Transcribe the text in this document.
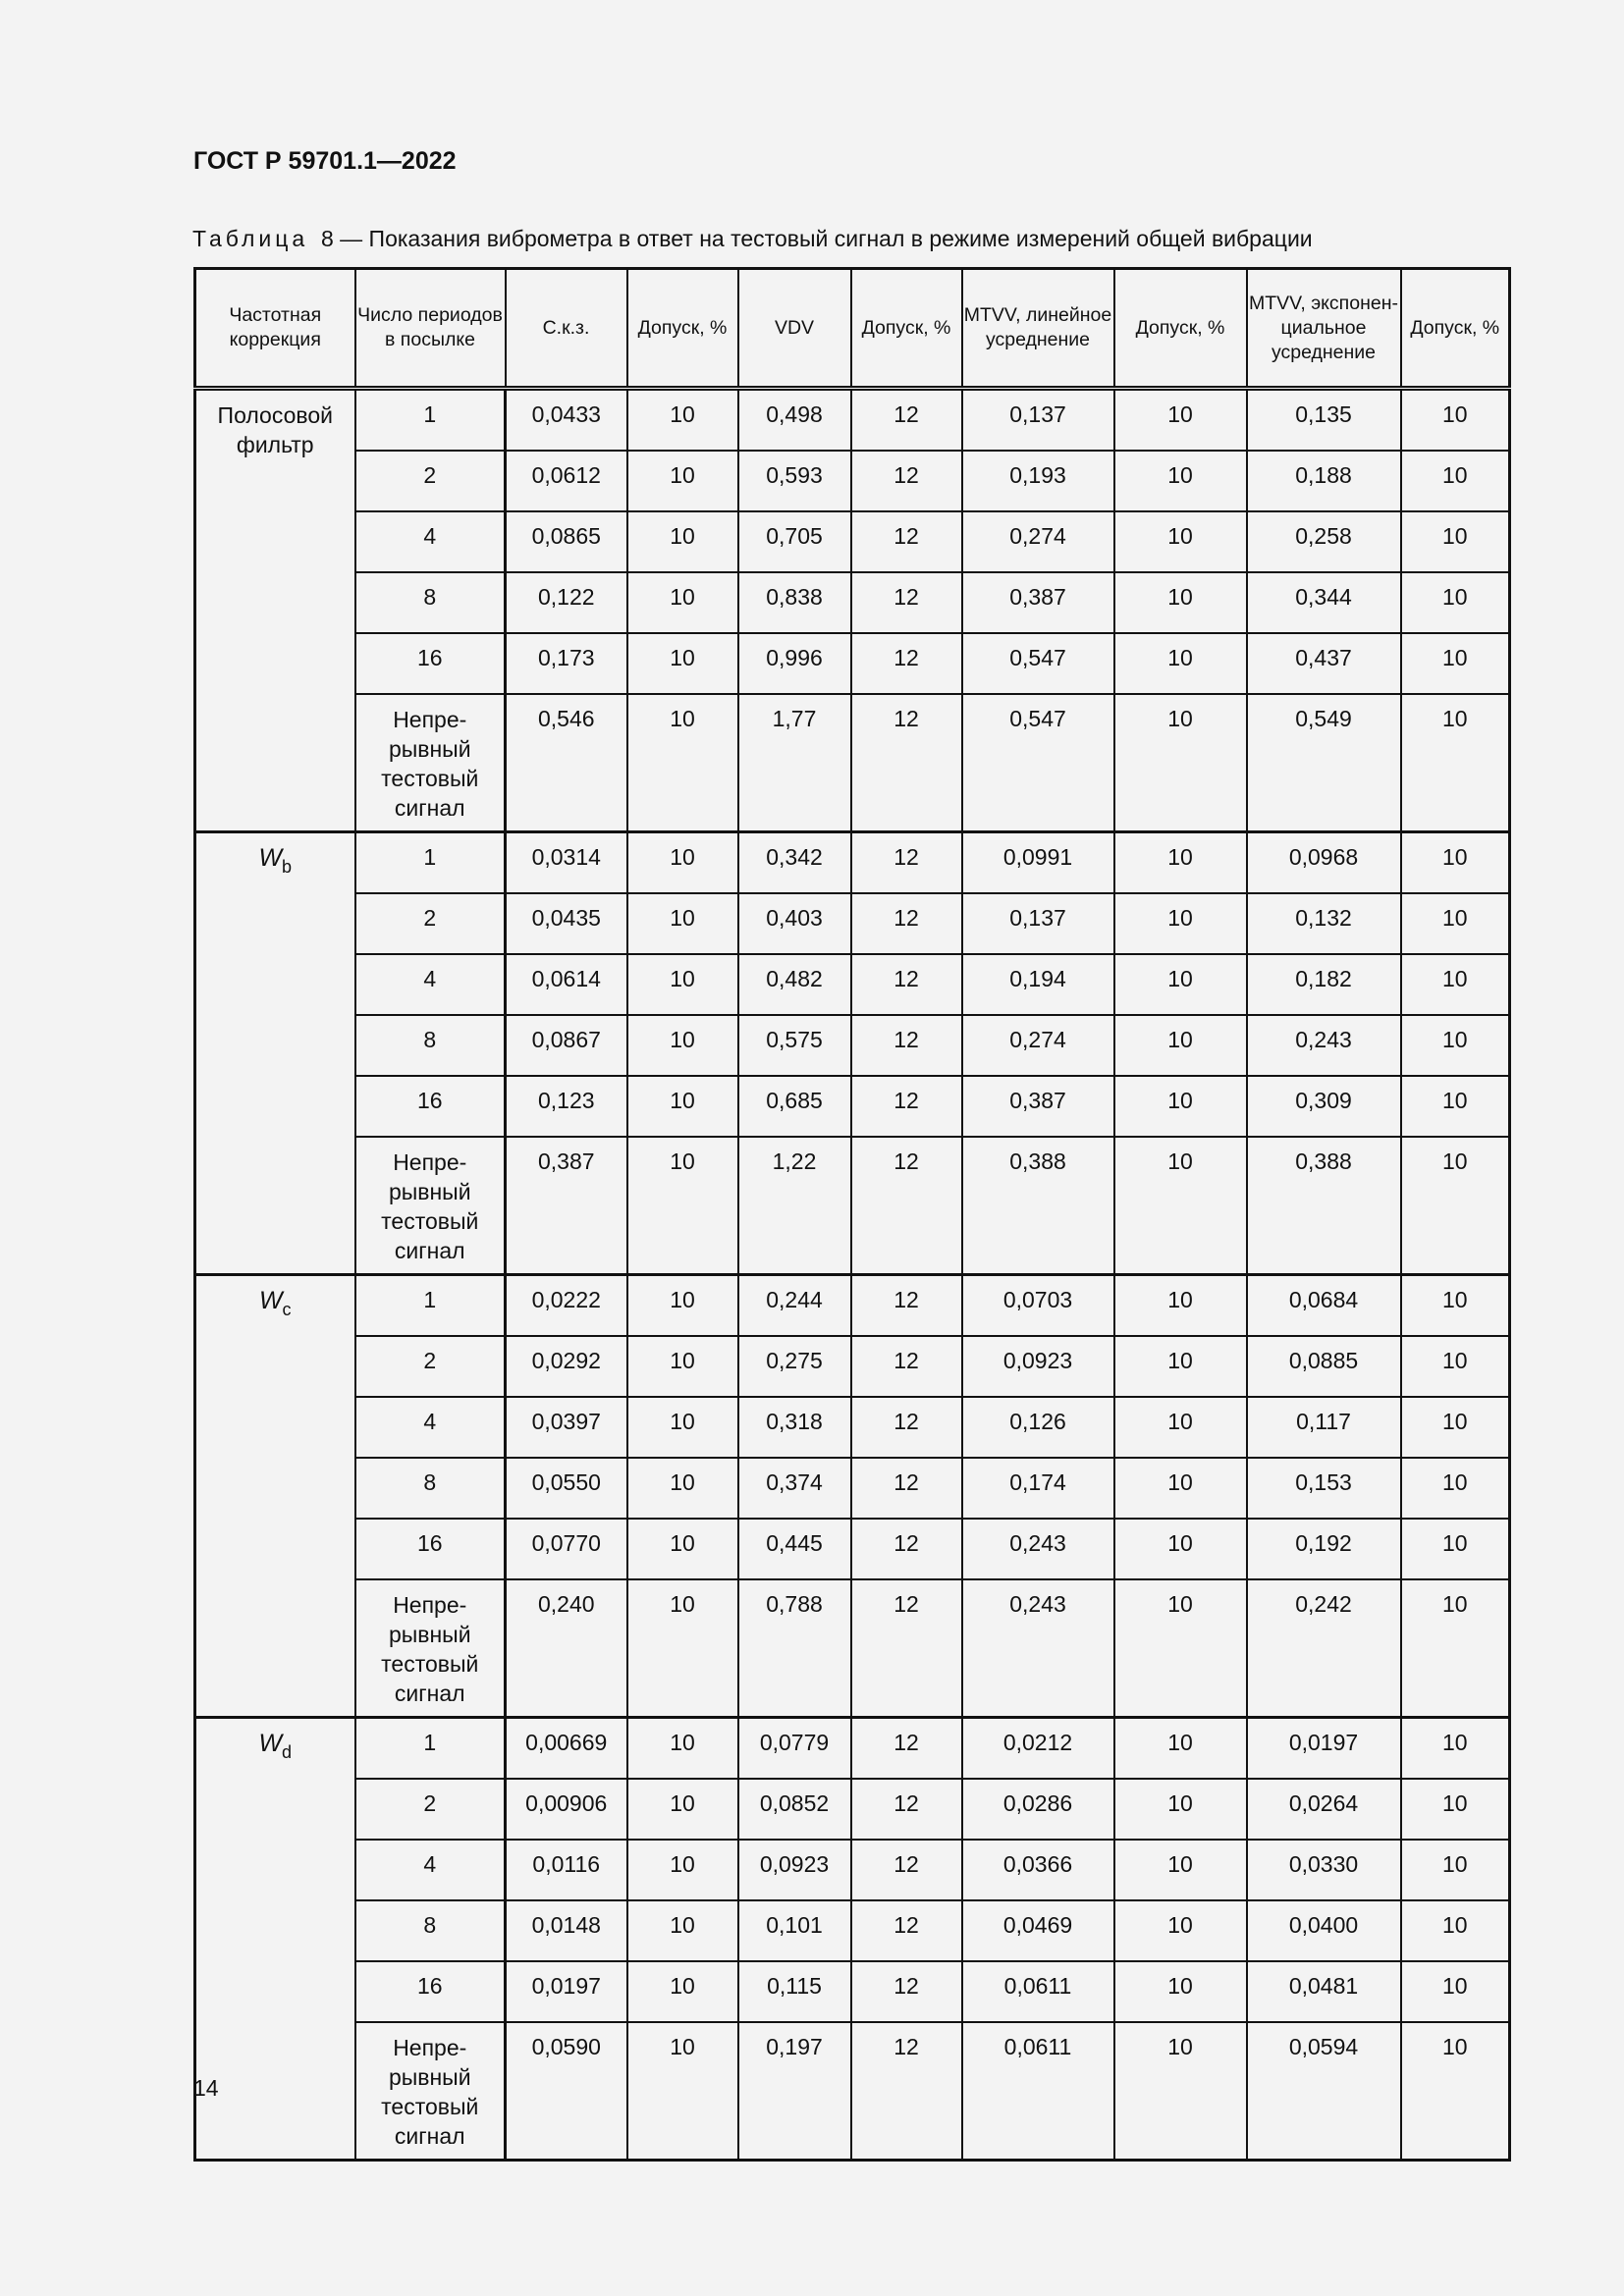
ГОСТ Р 59701.1—2022
Таблица 8 — Показания виброметра в ответ на тестовый сигнал в режиме измерений общей вибрации
Частотная коррекция	Число периодов в посылке	С.к.з.	Допуск, %	VDV	Допуск, %	MTVV, линейное усреднение	Допуск, %	MTVV, экспонен-циальное усреднение	Допуск, %
Полосовой фильтр	1	0,0433	10	0,498	12	0,137	10	0,135	10
	2	0,0612	10	0,593	12	0,193	10	0,188	10
	4	0,0865	10	0,705	12	0,274	10	0,258	10
	8	0,122	10	0,838	12	0,387	10	0,344	10
	16	0,173	10	0,996	12	0,547	10	0,437	10
	Непре-рывный тестовый сигнал	0,546	10	1,77	12	0,547	10	0,549	10
$W_b$	1	0,0314	10	0,342	12	0,0991	10	0,0968	10
	2	0,0435	10	0,403	12	0,137	10	0,132	10
	4	0,0614	10	0,482	12	0,194	10	0,182	10
	8	0,0867	10	0,575	12	0,274	10	0,243	10
	16	0,123	10	0,685	12	0,387	10	0,309	10
	Непре-рывный тестовый сигнал	0,387	10	1,22	12	0,388	10	0,388	10
$W_c$	1	0,0222	10	0,244	12	0,0703	10	0,0684	10
	2	0,0292	10	0,275	12	0,0923	10	0,0885	10
	4	0,0397	10	0,318	12	0,126	10	0,117	10
	8	0,0550	10	0,374	12	0,174	10	0,153	10
	16	0,0770	10	0,445	12	0,243	10	0,192	10
	Непре-рывный тестовый сигнал	0,240	10	0,788	12	0,243	10	0,242	10
$W_d$	1	0,00669	10	0,0779	12	0,0212	10	0,0197	10
	2	0,00906	10	0,0852	12	0,0286	10	0,0264	10
	4	0,0116	10	0,0923	12	0,0366	10	0,0330	10
	8	0,0148	10	0,101	12	0,0469	10	0,0400	10
	16	0,0197	10	0,115	12	0,0611	10	0,0481	10
	Непре-рывный тестовый сигнал	0,0590	10	0,197	12	0,0611	10	0,0594	10
14
